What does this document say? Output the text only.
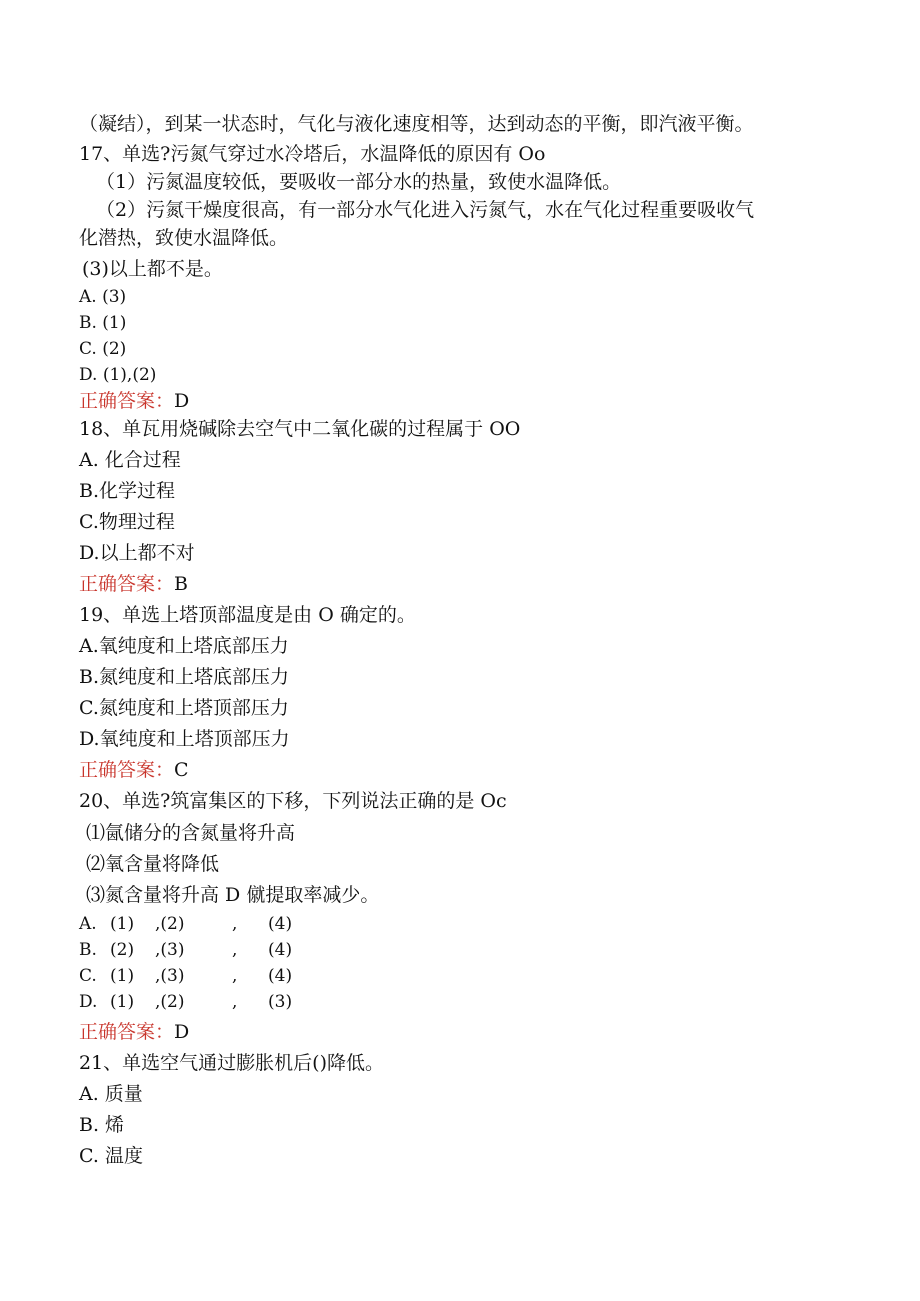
（凝结），到某一状态时，气化与液化速度相等，达到动态的平衡，即汽液平衡。
17、单选?污氮气穿过水冷塔后，水温降低的原因有 Oo
（1）污氮温度较低，要吸收一部分水的热量，致使水温降低。
（2）污氮干燥度很高，有一部分水气化进入污氮气，水在气化过程重要吸收气
化潜热，致使水温降低。
(3)以上都不是。
A. (3)
B. (1)
C. (2)
D. (1),(2)
正确答案：D
18、单瓦用烧碱除去空气中二氧化碳的过程属于 OO
A. 化合过程
B.化学过程
C.物理过程
D.以上都不对
正确答案：B
19、单选上塔顶部温度是由 O 确定的。
A.氧纯度和上塔底部压力
B.氮纯度和上塔底部压力
C.氮纯度和上塔顶部压力
D.氧纯度和上塔顶部压力
正确答案：C
20、单选?筑富集区的下移，下列说法正确的是 Oc
⑴氤储分的含氮量将升高
⑵氧含量将降低
⑶氮含量将升高 D 僦提取率减少。
A. (1) ,(2)	, (4)
B. (2) ,(3)	, (4)
C. (1) ,(3)	, (4)
D. (1) ,(2)	, (3)
正确答案：D
21、单选空气通过膨胀机后()降低。
A. 质量
B. 烯
C. 温度
